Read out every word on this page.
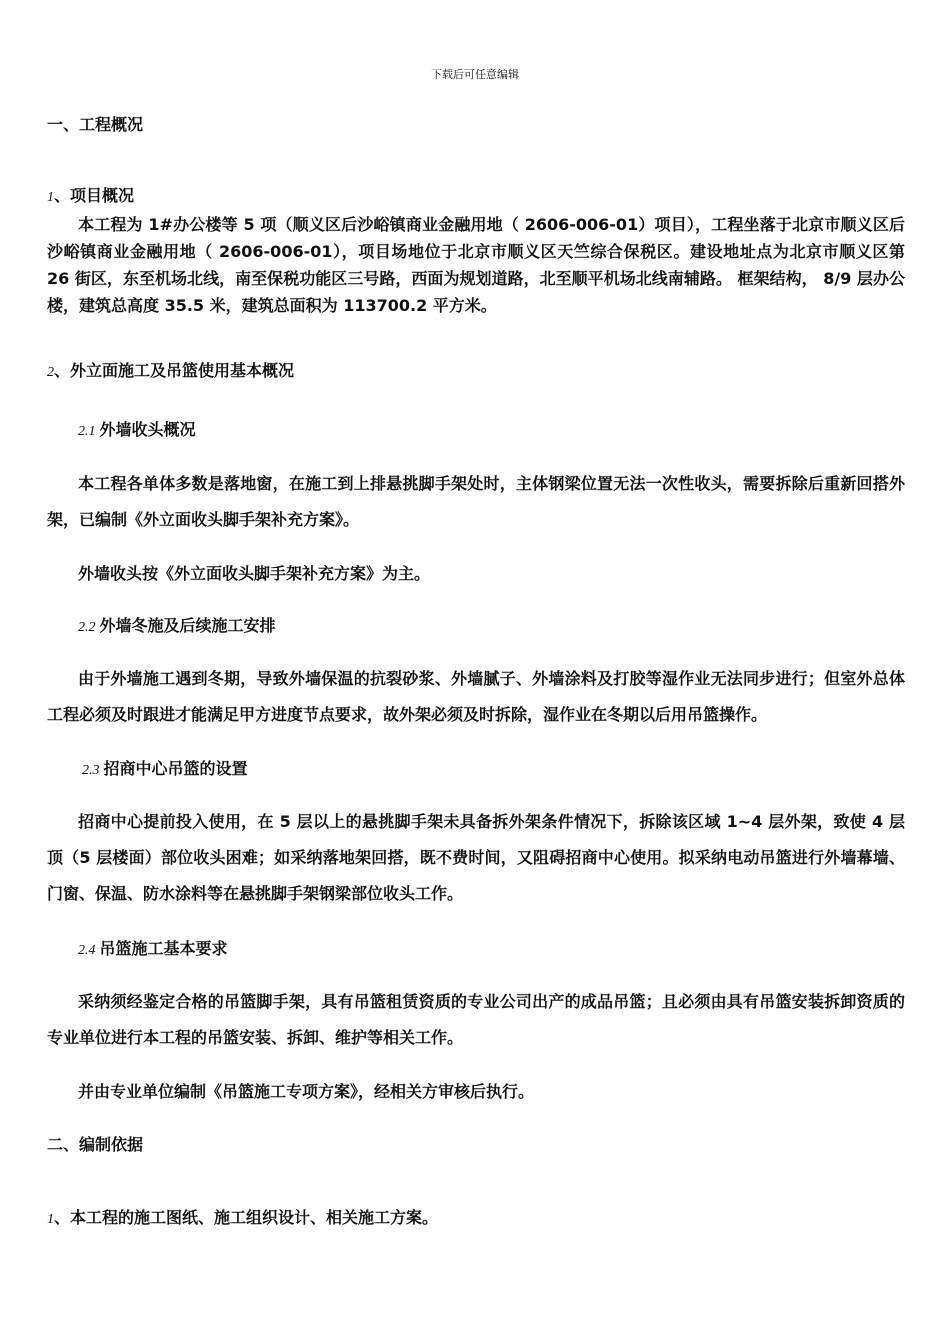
下载后可任意编辑
一、工程概况
1、项目概况

本工程为 1#办公楼等 5 项（顺义区后沙峪镇商业金融用地（ 2606-006-01）项目），工程坐落于北京市顺义区后沙峪镇商业金融用地（ 2606-006-01），项目场地位于北京市顺义区天竺综合保税区。建设地址点为北京市顺义区第 26 街区，东至机场北线，南至保税功能区三号路，西面为规划道路，北至顺平机场北线南辅路。 框架结构， 8/9 层办公楼，建筑总高度 35.5 米，建筑总面积为 113700.2 平方米。

2、外立面施工及吊篮使用基本概况
2.1 外墙收头概况

本工程各单体多数是落地窗，在施工到上排悬挑脚手架处时，主体钢梁位置无法一次性收头，需要拆除后重新回搭外架，已编制《外立面收头脚手架补充方案》。

外墙收头按《外立面收头脚手架补充方案》为主。

2.2 外墙冬施及后续施工安排

由于外墙施工遇到冬期，导致外墙保温的抗裂砂浆、外墙腻子、外墙涂料及打胶等湿作业无法同步进行；但室外总体工程必须及时跟进才能满足甲方进度节点要求，故外架必须及时拆除，湿作业在冬期以后用吊篮操作。

2.3 招商中心吊篮的设置

招商中心提前投入使用，在 5 层以上的悬挑脚手架未具备拆外架条件情况下，拆除该区域 1~4 层外架，致使 4 层顶（5 层楼面）部位收头困难；如采纳落地架回搭，既不费时间，又阻碍招商中心使用。拟采纳电动吊篮进行外墙幕墙、门窗、保温、防水涂料等在悬挑脚手架钢梁部位收头工作。

2.4 吊篮施工基本要求

采纳须经鉴定合格的吊篮脚手架，具有吊篮租赁资质的专业公司出产的成品吊篮；且必须由具有吊篮安装拆卸资质的专业单位进行本工程的吊篮安装、拆卸、维护等相关工作。

并由专业单位编制《吊篮施工专项方案》，经相关方审核后执行。

二、编制依据
1、本工程的施工图纸、施工组织设计、相关施工方案。
